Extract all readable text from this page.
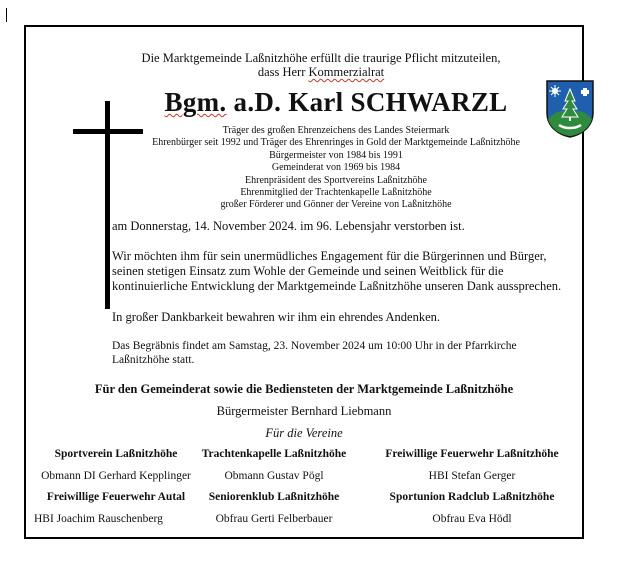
Die Marktgemeinde Laßnitzhöhe erfüllt die traurige Pflicht mitzuteilen,
dass Herr Kommerzialrat
Bgm. a.D. Karl SCHWARZL
Träger des großen Ehrenzeichens des Landes Steiermark
Ehrenbürger seit 1992 und Träger des Ehrenringes in Gold der Marktgemeinde Laßnitzhöhe
Bürgermeister von 1984 bis 1991
Gemeinderat von 1969 bis 1984
Ehrenpräsident des Sportvereins Laßnitzhöhe
Ehrenmitglied der Trachtenkapelle Laßnitzhöhe
großer Förderer und Gönner der Vereine von Laßnitzhöhe
am Donnerstag, 14. November 2024. im 96. Lebensjahr verstorben ist.
Wir möchten ihm für sein unermüdliches Engagement für die Bürgerinnen und Bürger, seinen stetigen Einsatz zum Wohle der Gemeinde und seinen Weitblick für die kontinuierliche Entwicklung der Marktgemeinde Laßnitzhöhe unseren Dank aussprechen.
In großer Dankbarkeit bewahren wir ihm ein ehrendes Andenken.
Das Begräbnis findet am Samstag, 23. November 2024 um 10:00 Uhr in der Pfarrkirche Laßnitzhöhe statt.
Für den Gemeinderat sowie die Bediensteten der Marktgemeinde Laßnitzhöhe
Bürgermeister Bernhard Liebmann
Für die Vereine
Sportverein Laßnitzhöhe	Trachtenkapelle Laßnitzhöhe	Freiwillige Feuerwehr Laßnitzhöhe
Obmann DI Gerhard Kepplinger	Obmann Gustav Pögl	HBI Stefan Gerger
Freiwillige Feuerwehr Autal	Seniorenklub Laßnitzhöhe	Sportunion Radclub Laßnitzhöhe
HBI Joachim Rauschenberg	Obfrau Gerti Felberbauer	Obfrau Eva Hödl
